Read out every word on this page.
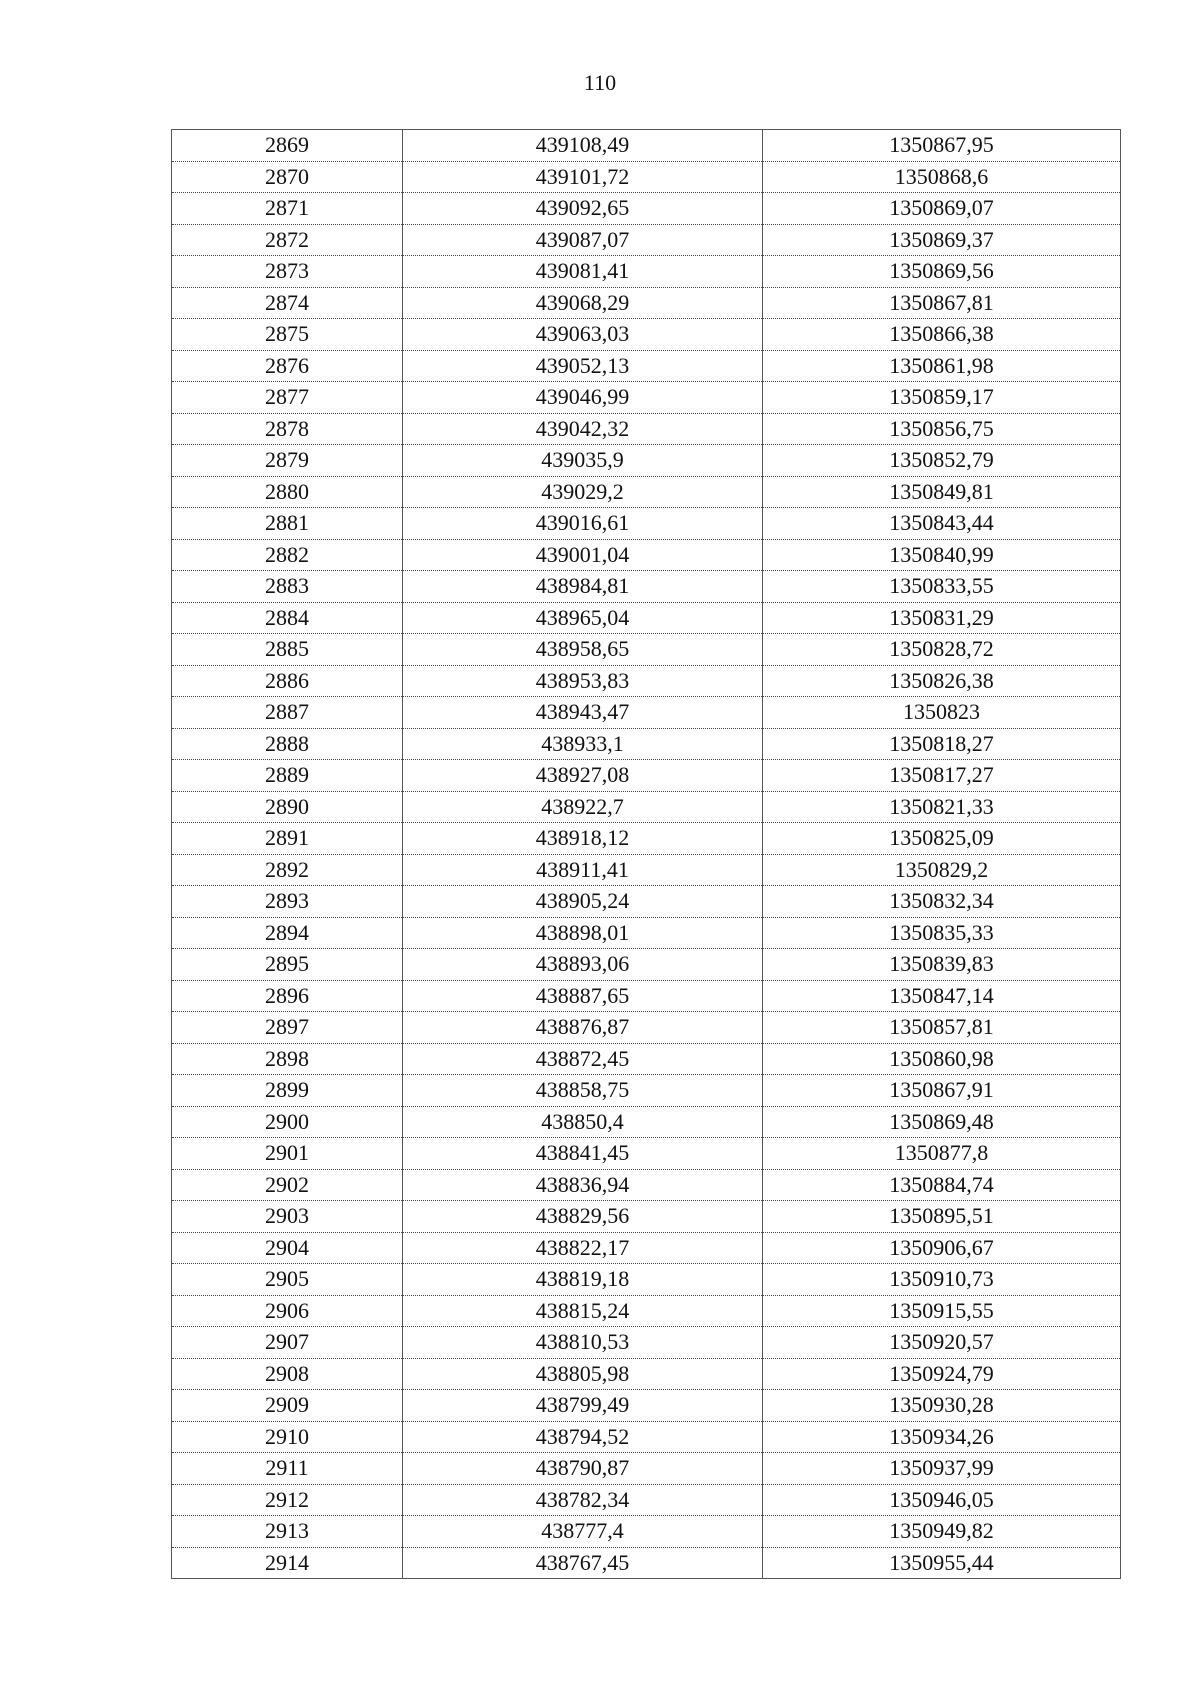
110
2869	439108,49	1350867,95
2870	439101,72	1350868,6
2871	439092,65	1350869,07
2872	439087,07	1350869,37
2873	439081,41	1350869,56
2874	439068,29	1350867,81
2875	439063,03	1350866,38
2876	439052,13	1350861,98
2877	439046,99	1350859,17
2878	439042,32	1350856,75
2879	439035,9	1350852,79
2880	439029,2	1350849,81
2881	439016,61	1350843,44
2882	439001,04	1350840,99
2883	438984,81	1350833,55
2884	438965,04	1350831,29
2885	438958,65	1350828,72
2886	438953,83	1350826,38
2887	438943,47	1350823
2888	438933,1	1350818,27
2889	438927,08	1350817,27
2890	438922,7	1350821,33
2891	438918,12	1350825,09
2892	438911,41	1350829,2
2893	438905,24	1350832,34
2894	438898,01	1350835,33
2895	438893,06	1350839,83
2896	438887,65	1350847,14
2897	438876,87	1350857,81
2898	438872,45	1350860,98
2899	438858,75	1350867,91
2900	438850,4	1350869,48
2901	438841,45	1350877,8
2902	438836,94	1350884,74
2903	438829,56	1350895,51
2904	438822,17	1350906,67
2905	438819,18	1350910,73
2906	438815,24	1350915,55
2907	438810,53	1350920,57
2908	438805,98	1350924,79
2909	438799,49	1350930,28
2910	438794,52	1350934,26
2911	438790,87	1350937,99
2912	438782,34	1350946,05
2913	438777,4	1350949,82
2914	438767,45	1350955,44
